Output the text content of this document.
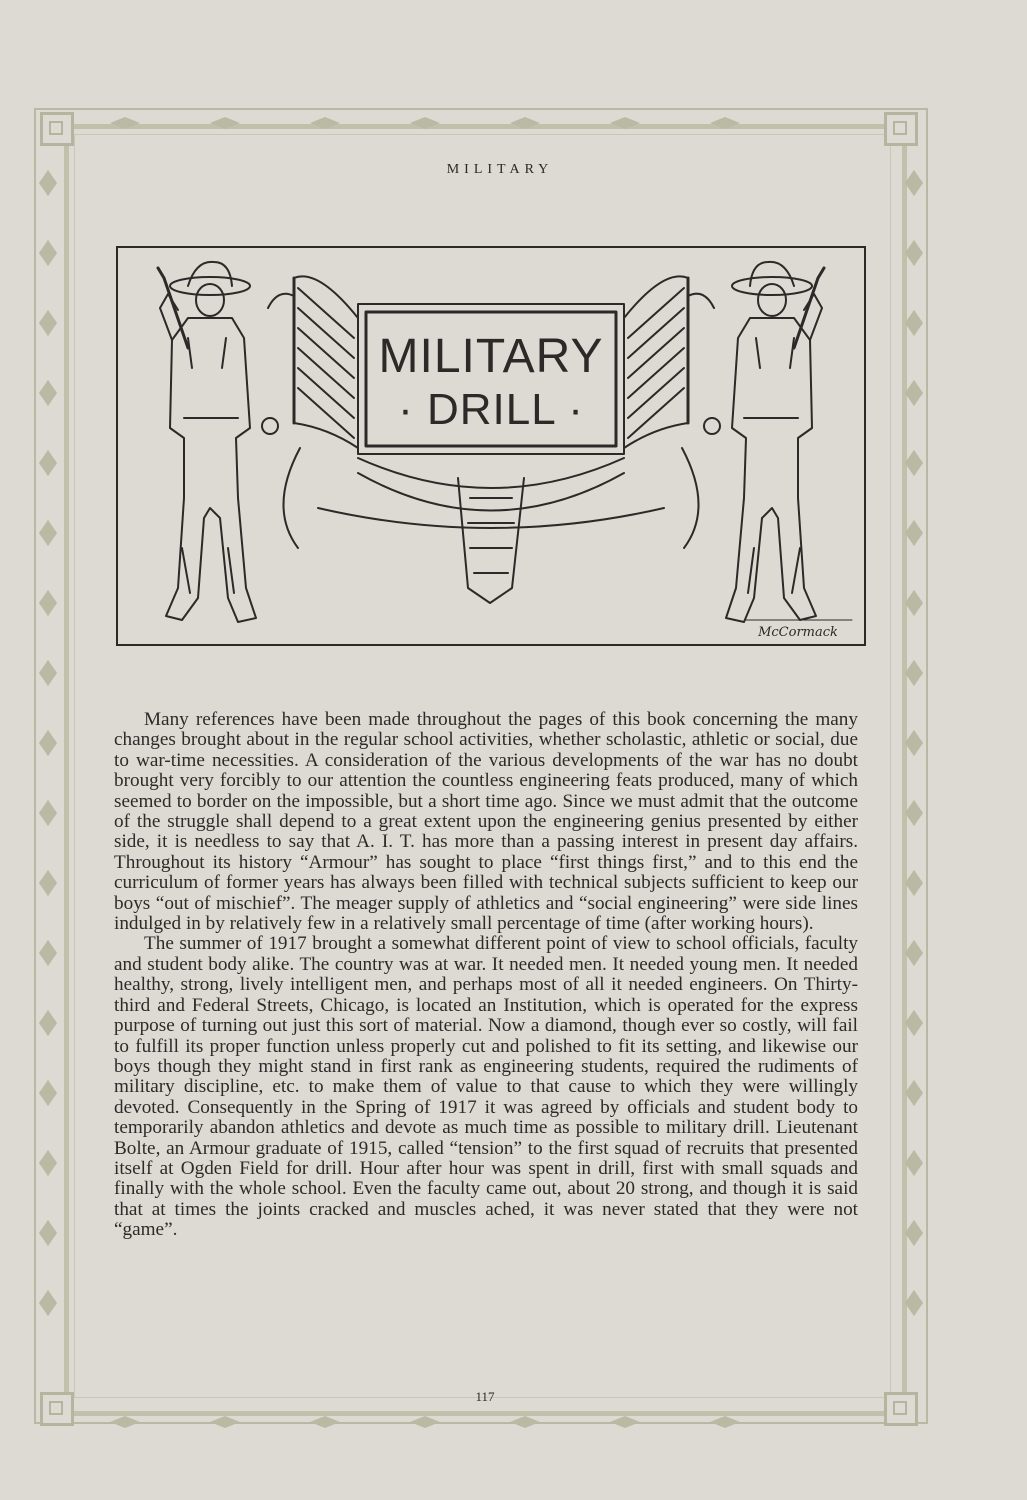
MILITARY
MILITARY
· DRILL ·
McCormack

Many references have been made throughout the pages of this book concerning the many changes brought about in the regular school activities, whether scholastic, athletic or social, due to war-time necessities. A consideration of the various developments of the war has no doubt brought very forcibly to our attention the countless engineering feats produced, many of which seemed to border on the impossible, but a short time ago. Since we must admit that the outcome of the struggle shall depend to a great extent upon the engineering genius presented by either side, it is needless to say that A. I. T. has more than a passing interest in present day affairs. Throughout its history “Armour” has sought to place “first things first,” and to this end the curriculum of former years has always been filled with technical subjects sufficient to keep our boys “out of mischief”. The meager supply of athletics and “social engineering” were side lines indulged in by relatively few in a relatively small percentage of time (after working hours).

The summer of 1917 brought a somewhat different point of view to school officials, faculty and student body alike. The country was at war. It needed men. It needed young men. It needed healthy, strong, lively intelligent men, and perhaps most of all it needed engineers. On Thirty-third and Federal Streets, Chicago, is located an Institution, which is operated for the express purpose of turning out just this sort of material. Now a diamond, though ever so costly, will fail to fulfill its proper function unless properly cut and polished to fit its setting, and likewise our boys though they might stand in first rank as engineering students, required the rudiments of military discipline, etc. to make them of value to that cause to which they were willingly devoted. Consequently in the Spring of 1917 it was agreed by officials and student body to temporarily abandon athletics and devote as much time as possible to military drill. Lieutenant Bolte, an Armour graduate of 1915, called “tension” to the first squad of recruits that presented itself at Ogden Field for drill. Hour after hour was spent in drill, first with small squads and finally with the whole school. Even the faculty came out, about 20 strong, and though it is said that at times the joints cracked and muscles ached, it was never stated that they were not “game”.

117
